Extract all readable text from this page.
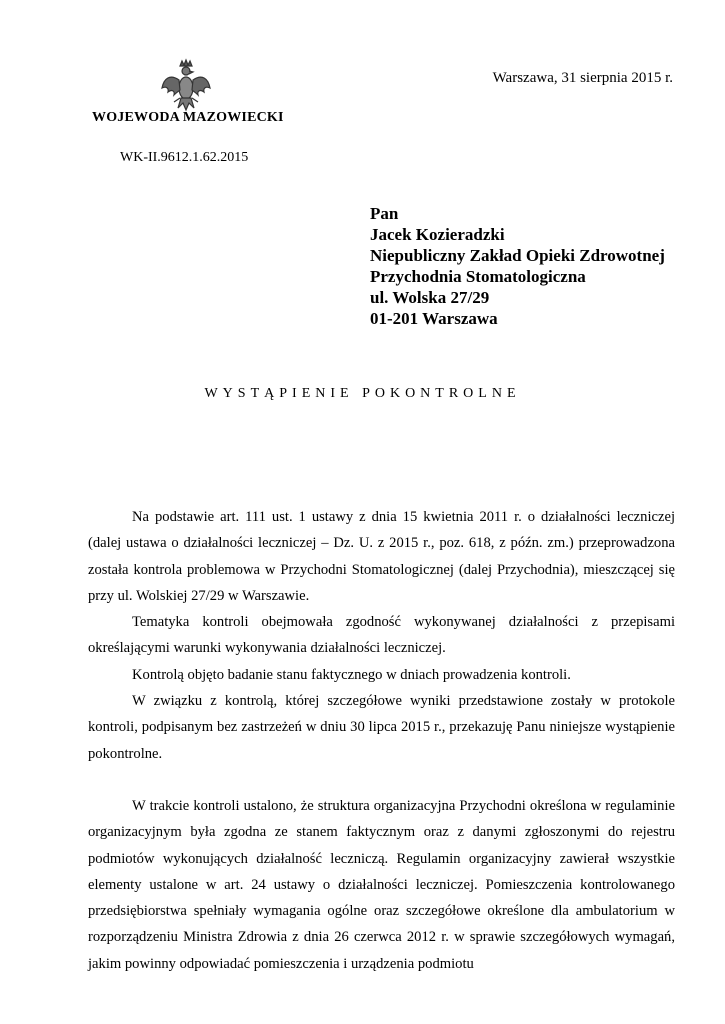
WOJEWODA MAZOWIECKI
Warszawa, 31 sierpnia 2015 r.
WK-II.9612.1.62.2015
Pan
Jacek Kozieradzki
Niepubliczny Zakład Opieki Zdrowotnej
Przychodnia Stomatologiczna
ul. Wolska 27/29
01-201 Warszawa
WYSTĄPIENIE POKONTROLNE

Na podstawie art. 111 ust. 1 ustawy z dnia 15 kwietnia 2011 r. o działalności leczniczej (dalej ustawa o działalności leczniczej – Dz. U. z 2015 r., poz. 618, z późn. zm.) przeprowadzona została kontrola problemowa w Przychodni Stomatologicznej (dalej Przychodnia), mieszczącej się przy ul. Wolskiej 27/29 w Warszawie.

Tematyka kontroli obejmowała zgodność wykonywanej działalności z przepisami określającymi warunki wykonywania działalności leczniczej.

Kontrolą objęto badanie stanu faktycznego w dniach prowadzenia kontroli.

W związku z kontrolą, której szczegółowe wyniki przedstawione zostały w protokole kontroli, podpisanym bez zastrzeżeń w dniu 30 lipca 2015 r., przekazuję Panu niniejsze wystąpienie pokontrolne.

W trakcie kontroli ustalono, że struktura organizacyjna Przychodni określona w regulaminie organizacyjnym była zgodna ze stanem faktycznym oraz z danymi zgłoszonymi do rejestru podmiotów wykonujących działalność leczniczą. Regulamin organizacyjny zawierał wszystkie elementy ustalone w art. 24 ustawy o działalności leczniczej. Pomieszczenia kontrolowanego przedsiębiorstwa spełniały wymagania ogólne oraz szczegółowe określone dla ambulatorium w rozporządzeniu Ministra Zdrowia z dnia 26 czerwca 2012 r. w sprawie szczegółowych wymagań, jakim powinny odpowiadać pomieszczenia i urządzenia podmiotu
